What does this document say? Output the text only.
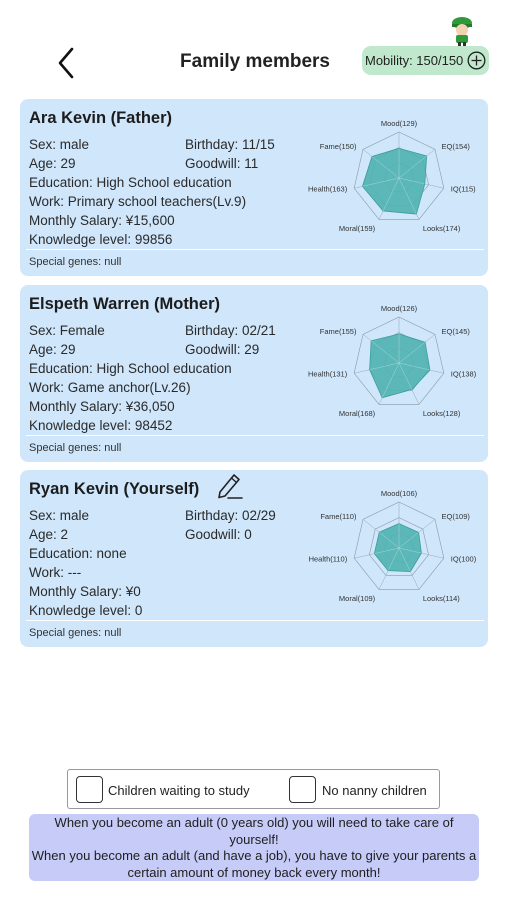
Family members	Mobility: 150/150
Ara Kevin (Father)
Sex: male	Birthday: 11/15
Age: 29	Goodwill: 11
Education: High School education
Work: Primary school teachers(Lv.9)
Monthly Salary: ¥15,600
Knowledge level: 99856
Special genes: null
Mood(129)
EQ(154)
IQ(115)
Looks(174)
Moral(159)
Health(163)
Fame(150)
Elspeth Warren (Mother)
Sex: Female	Birthday: 02/21
Age: 29	Goodwill: 29
Education: High School education
Work: Game anchor(Lv.26)
Monthly Salary: ¥36,050
Knowledge level: 98452
Special genes: null
Mood(126)
EQ(145)
IQ(138)
Looks(128)
Moral(168)
Health(131)
Fame(155)
Ryan Kevin (Yourself)
Sex: male	Birthday: 02/29
Age: 2	Goodwill: 0
Education: none
Work: ---
Monthly Salary: ¥0
Knowledge level: 0
Special genes: null
Mood(106)
EQ(109)
IQ(100)
Looks(114)
Moral(109)
Health(110)
Fame(110)
Children waiting to study	No nanny children

When you become an adult (0 years old) you will need to take care of yourself!

When you become an adult (and have a job), you have to give your parents a certain amount of money back every month!
